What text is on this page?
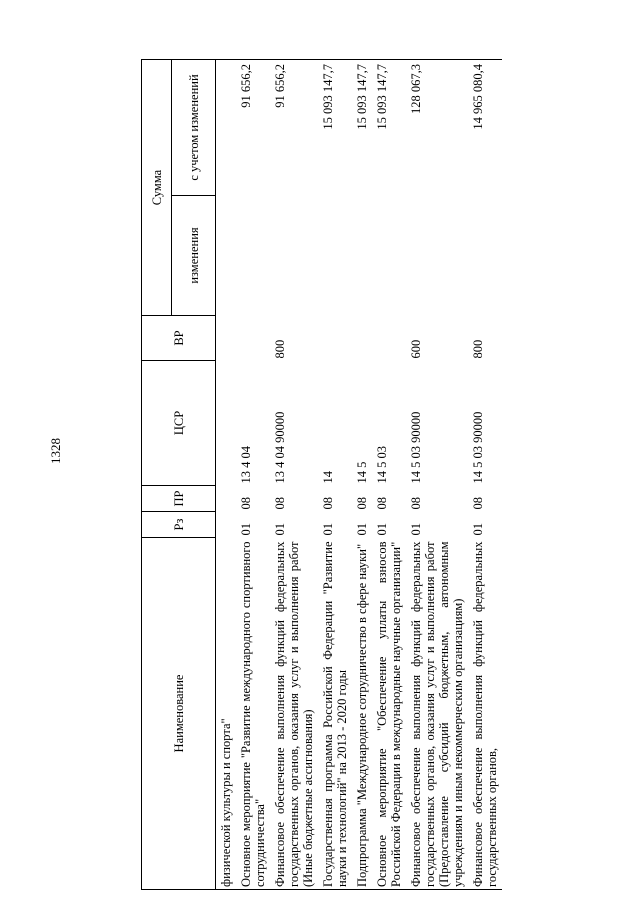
1328
Наименование	Рз	ПР	ЦСР	ВР	Сумма	
					изменения	с учетом изменений
физической культуры и спорта"						
Основное мероприятие "Развитие международного спортивного сотрудничества"	01	08	13 4 04			91 656,2
Финансовое обеспечение выполнения функций федеральных государственных органов, оказания услуг и выполнения работ (Иные бюджетные ассигнования)	01	08	13 4 04 90000	800		91 656,2
Государственная программа Российской Федерации "Развитие науки и технологий" на 2013 - 2020 годы	01	08	14			15 093 147,7
Подпрограмма "Международное сотрудничество в сфере науки"	01	08	14 5			15 093 147,7
Основное мероприятие "Обеспечение уплаты взносов Российской Федерации в международные научные организации"	01	08	14 5 03			15 093 147,7
Финансовое обеспечение выполнения функций федеральных государственных органов, оказания услуг и выполнения работ (Предоставление субсидий бюджетным, автономным учреждениям и иным некоммерческим организациям)	01	08	14 5 03 90000	600		128 067,3
Финансовое обеспечение выполнения функций федеральных государственных органов,	01	08	14 5 03 90000	800		14 965 080,4
